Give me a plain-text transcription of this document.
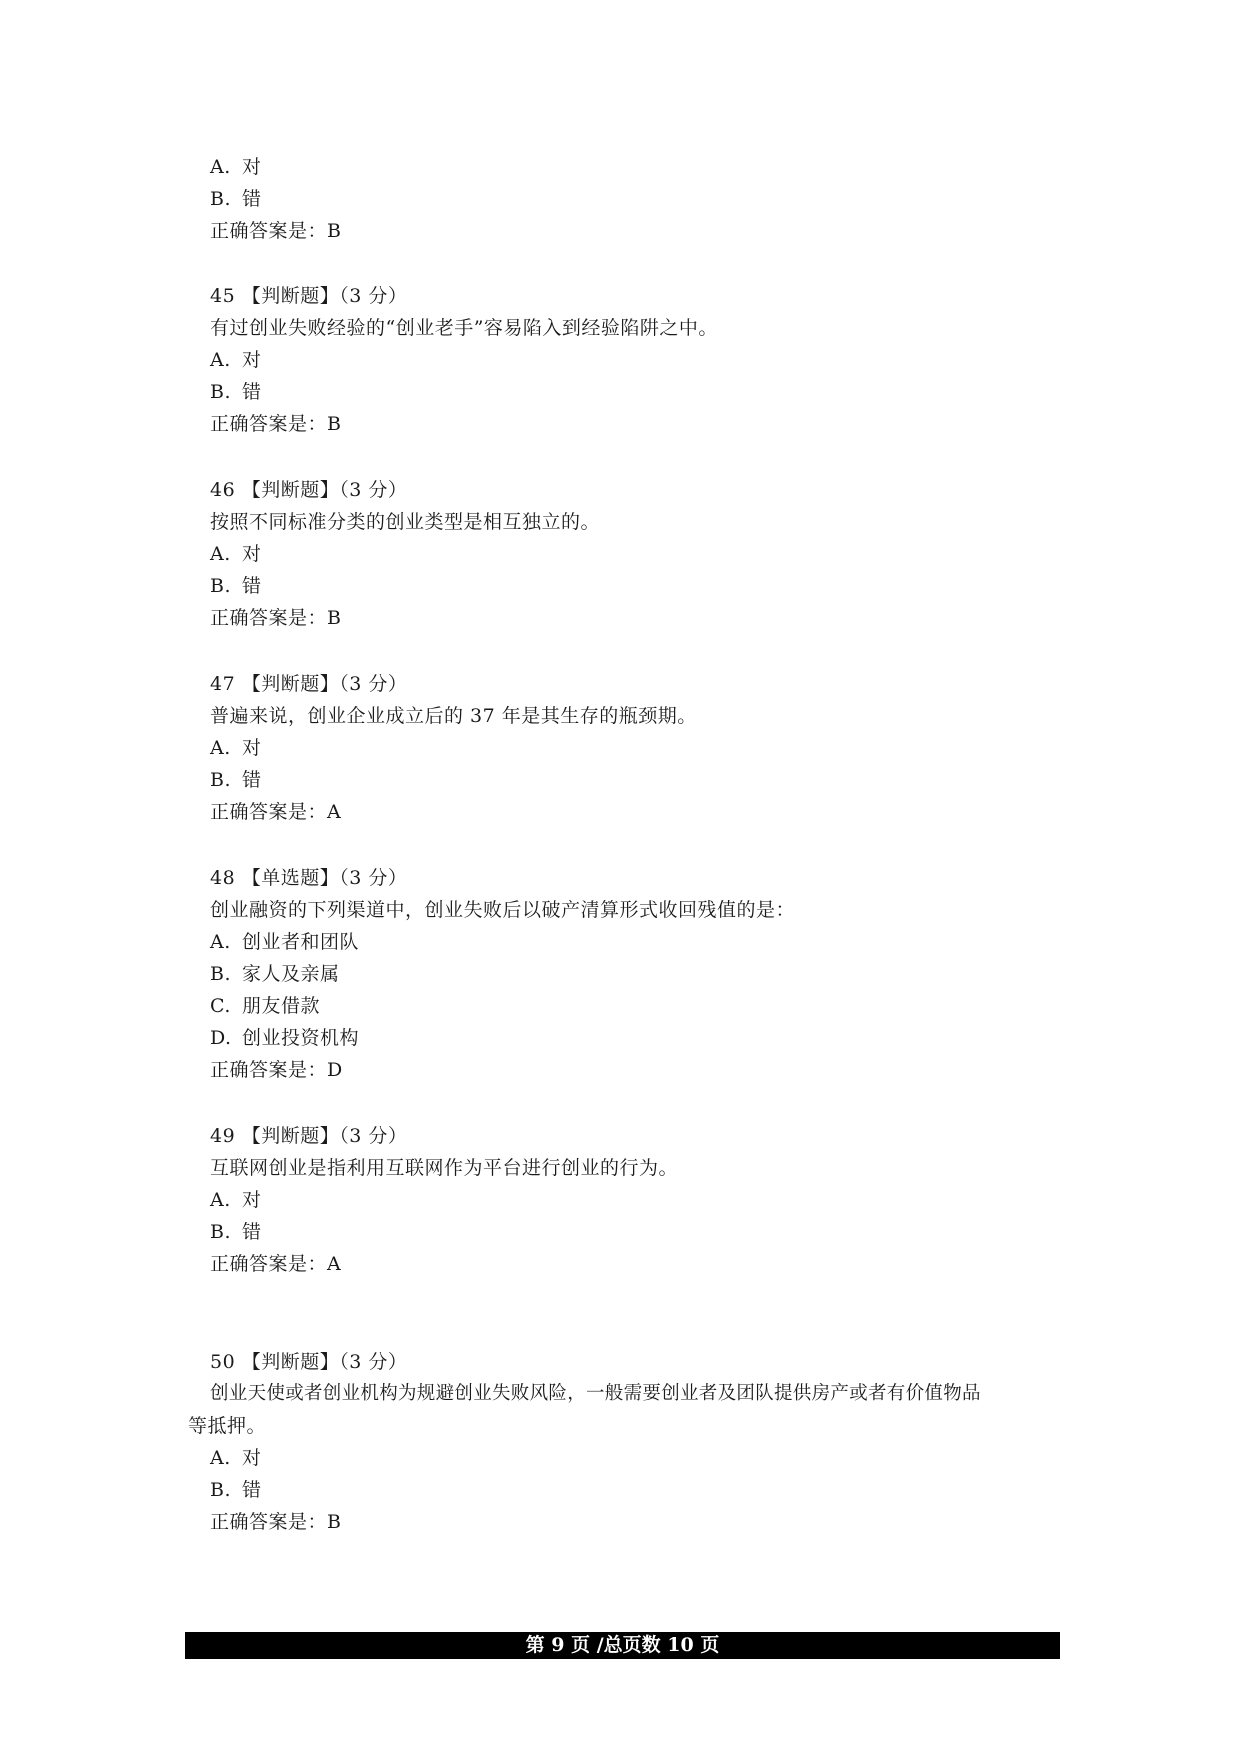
A. 对
B. 错
正确答案是：B
45 【判断题】（3 分）
有过创业失败经验的“创业老手”容易陷入到经验陷阱之中。
A. 对
B. 错
正确答案是：B
46 【判断题】（3 分）
按照不同标准分类的创业类型是相互独立的。
A. 对
B. 错
正确答案是：B
47 【判断题】（3 分）
普遍来说，创业企业成立后的 37 年是其生存的瓶颈期。
A. 对
B. 错
正确答案是：A
48 【单选题】（3 分）
创业融资的下列渠道中，创业失败后以破产清算形式收回残值的是：
A. 创业者和团队
B. 家人及亲属
C. 朋友借款
D. 创业投资机构
正确答案是：D
49 【判断题】（3 分）
互联网创业是指利用互联网作为平台进行创业的行为。
A. 对
B. 错
正确答案是：A
50 【判断题】（3 分）
创业天使或者创业机构为规避创业失败风险，一般需要创业者及团队提供房产或者有价值物品
等抵押。
A. 对
B. 错
正确答案是：B
第 9 页 /总页数 10 页
